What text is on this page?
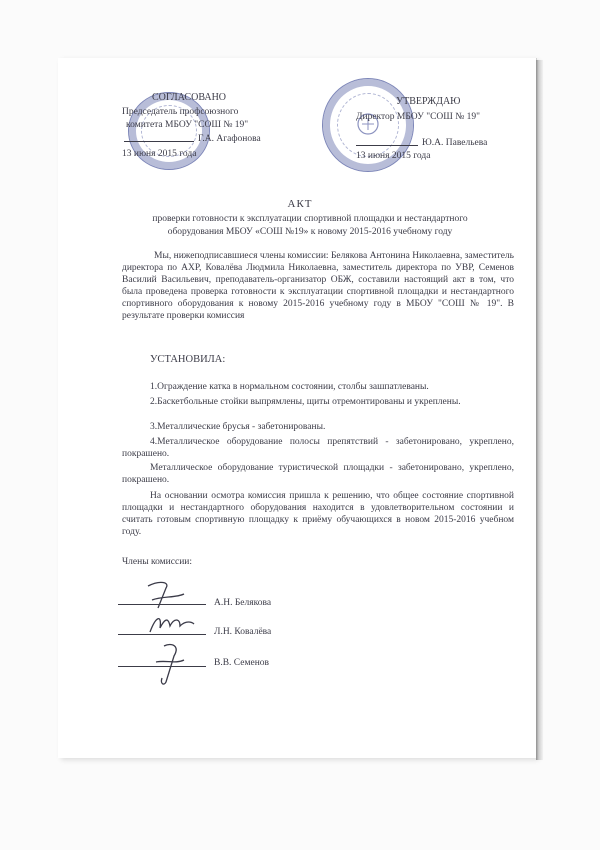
СОГЛАСОВАНО
Председатель профсоюзного
комитета МБОУ "СОШ № 19"
Г.А. Агафонова
13 июня 2015 года
УТВЕРЖДАЮ
Директор МБОУ "СОШ № 19"
Ю.А. Павельева
13 июня 2015 года
АКТ
проверки готовности к эксплуатации спортивной площадки и нестандартного
оборудования МБОУ «СОШ №19» к новому 2015-2016 учебному году
Мы, нижеподписавшиеся члены комиссии: Белякова Антонина Николаевна, заместитель директора по АХР, Ковалёва Людмила Николаевна, заместитель директора по УВР, Семенов Василий Васильевич, преподаватель-организатор ОБЖ, составили настоящий акт в том, что была проведена проверка готовности к эксплуатации спортивной площадки и нестандартного спортивного оборудования к новому 2015-2016 учебному году в МБОУ "СОШ № 19". В результате проверки комиссия
УСТАНОВИЛА:
1.Ограждение катка в нормальном состоянии, столбы зашпатлеваны.
2.Баскетбольные стойки выпрямлены, щиты отремонтированы и укреплены.
3.Металлические брусья - забетонированы.
4.Металлическое оборудование полосы препятствий - забетонировано, укреплено, покрашено.
Металлическое оборудование туристической площадки - забетонировано, укреплено, покрашено.
На основании осмотра комиссия пришла к решению, что общее состояние спортивной площадки и нестандартного оборудования находится в удовлетворительном состоянии и считать готовым спортивную площадку к приёму обучающихся в новом 2015-2016 учебном году.
Члены комиссии:
А.Н. Белякова
Л.Н. Ковалёва
В.В. Семенов
